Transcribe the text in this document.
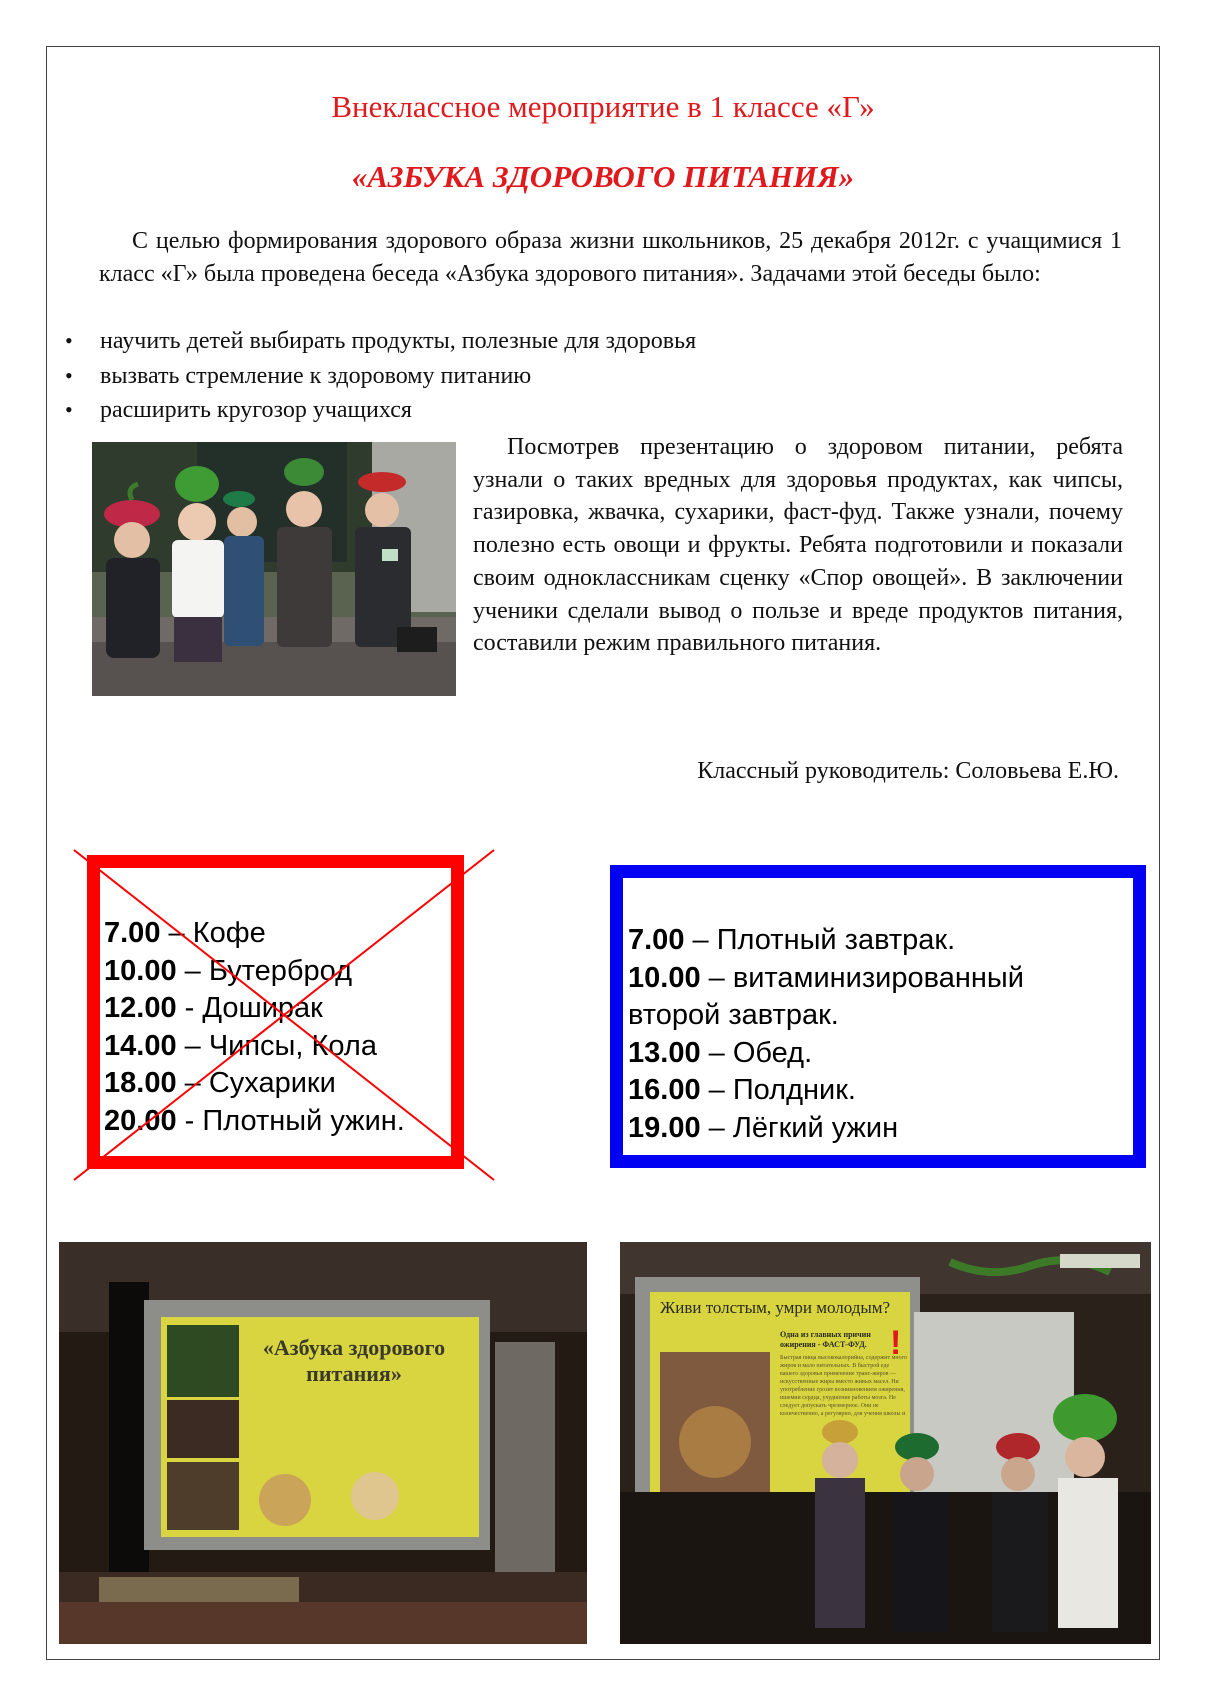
Внеклассное мероприятие в 1 классе «Г»
«АЗБУКА ЗДОРОВОГО ПИТАНИЯ»

С целью формирования здорового образа жизни школьников, 25 декабря 2012г. с учащимися 1 класс «Г» была проведена беседа «Азбука здорового питания». Задачами этой беседы было:

• научить детей выбирать продукты, полезные для здоровья
• вызвать стремление к здоровому питанию
• расширить кругозор учащихся

Посмотрев презентацию о здоровом питании, ребята узнали о таких вредных для здоровья продуктах, как чипсы, газировка, жвачка, сухарики, фаст-фуд. Также узнали, почему полезно есть овощи и фрукты. Ребята подготовили и показали своим одноклассникам сценку «Спор овощей». В заключении ученики сделали вывод о пользе и вреде продуктов питания, составили режим правильного питания.

Классный руководитель: Соловьева Е.Ю.
7.00 – Кофе
10.00 – Бутерброд
12.00 - Доширак
14.00 – Чипсы, Кола
18.00 – Сухарики
20.00 - Плотный ужин.
7.00 – Плотный завтрак.
10.00 – витаминизированный второй завтрак.
13.00 – Обед.
16.00 – Полдник.
19.00 – Лёгкий ужин
«Азбука здорового питания»
Живи толстым, умри молодым?
Одна из главных причин ожирения - ФАСТ-ФУД. !
Быстрая пища высококалорийна, содержит много жиров и мало питательных. В быстрой еде вашего здоровья применение транс-жиров — искусственные жиры вместо живых масел. Ни употребление грозит возникновением ожирения, ишемии сердца, ухудшение работы мозга. Не следует допускать чрезмерное. Они не количественно, а регулярно, для учения школы и
